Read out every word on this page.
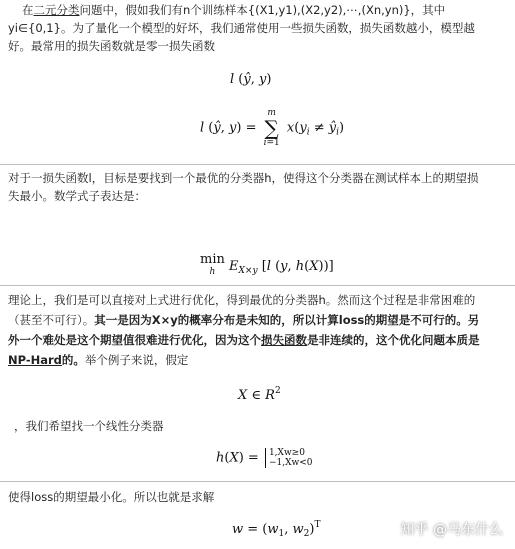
在二元分类问题中，假如我们有n个训练样本{(X1,y1),(X2,y2),⋯,(Xn,yn)}，其中
yi∈{0,1}。为了量化一个模型的好坏，我们通常使用一些损失函数，损失函数越小，模型越
好。最常用的损失函数就是零一损失函数
l (ŷ, y)
l (ŷ, y) =
m
∑
i=1
$x(y_i$ ≠ $ŷ_i$)
对于一损失函数l，目标是要找到一个最优的分类器h，使得这个分类器在测试样本上的期望损
失最小。数学式子表达是：
min
h $E_{X\times y}$ [l (y, h(X))]
理论上，我们是可以直接对上式进行优化，得到最优的分类器h。然而这个过程是非常困难的
（甚至不可行）。其一是因为X×y的概率分布是未知的，所以计算loss的期望是不可行的。另
外一个难处是这个期望值很难进行优化，因为这个损失函数是非连续的，这个优化问题本质是
NP-Hard的。举个例子来说，假定
X ∈ $R^2$
，我们希望找一个线性分类器
h(X) = 1,Xw≥0
−1,Xw<0
使得loss的期望最小化。所以也就是求解
$w = (w_1$, $w_2)^T$	知乎 @马东什么
